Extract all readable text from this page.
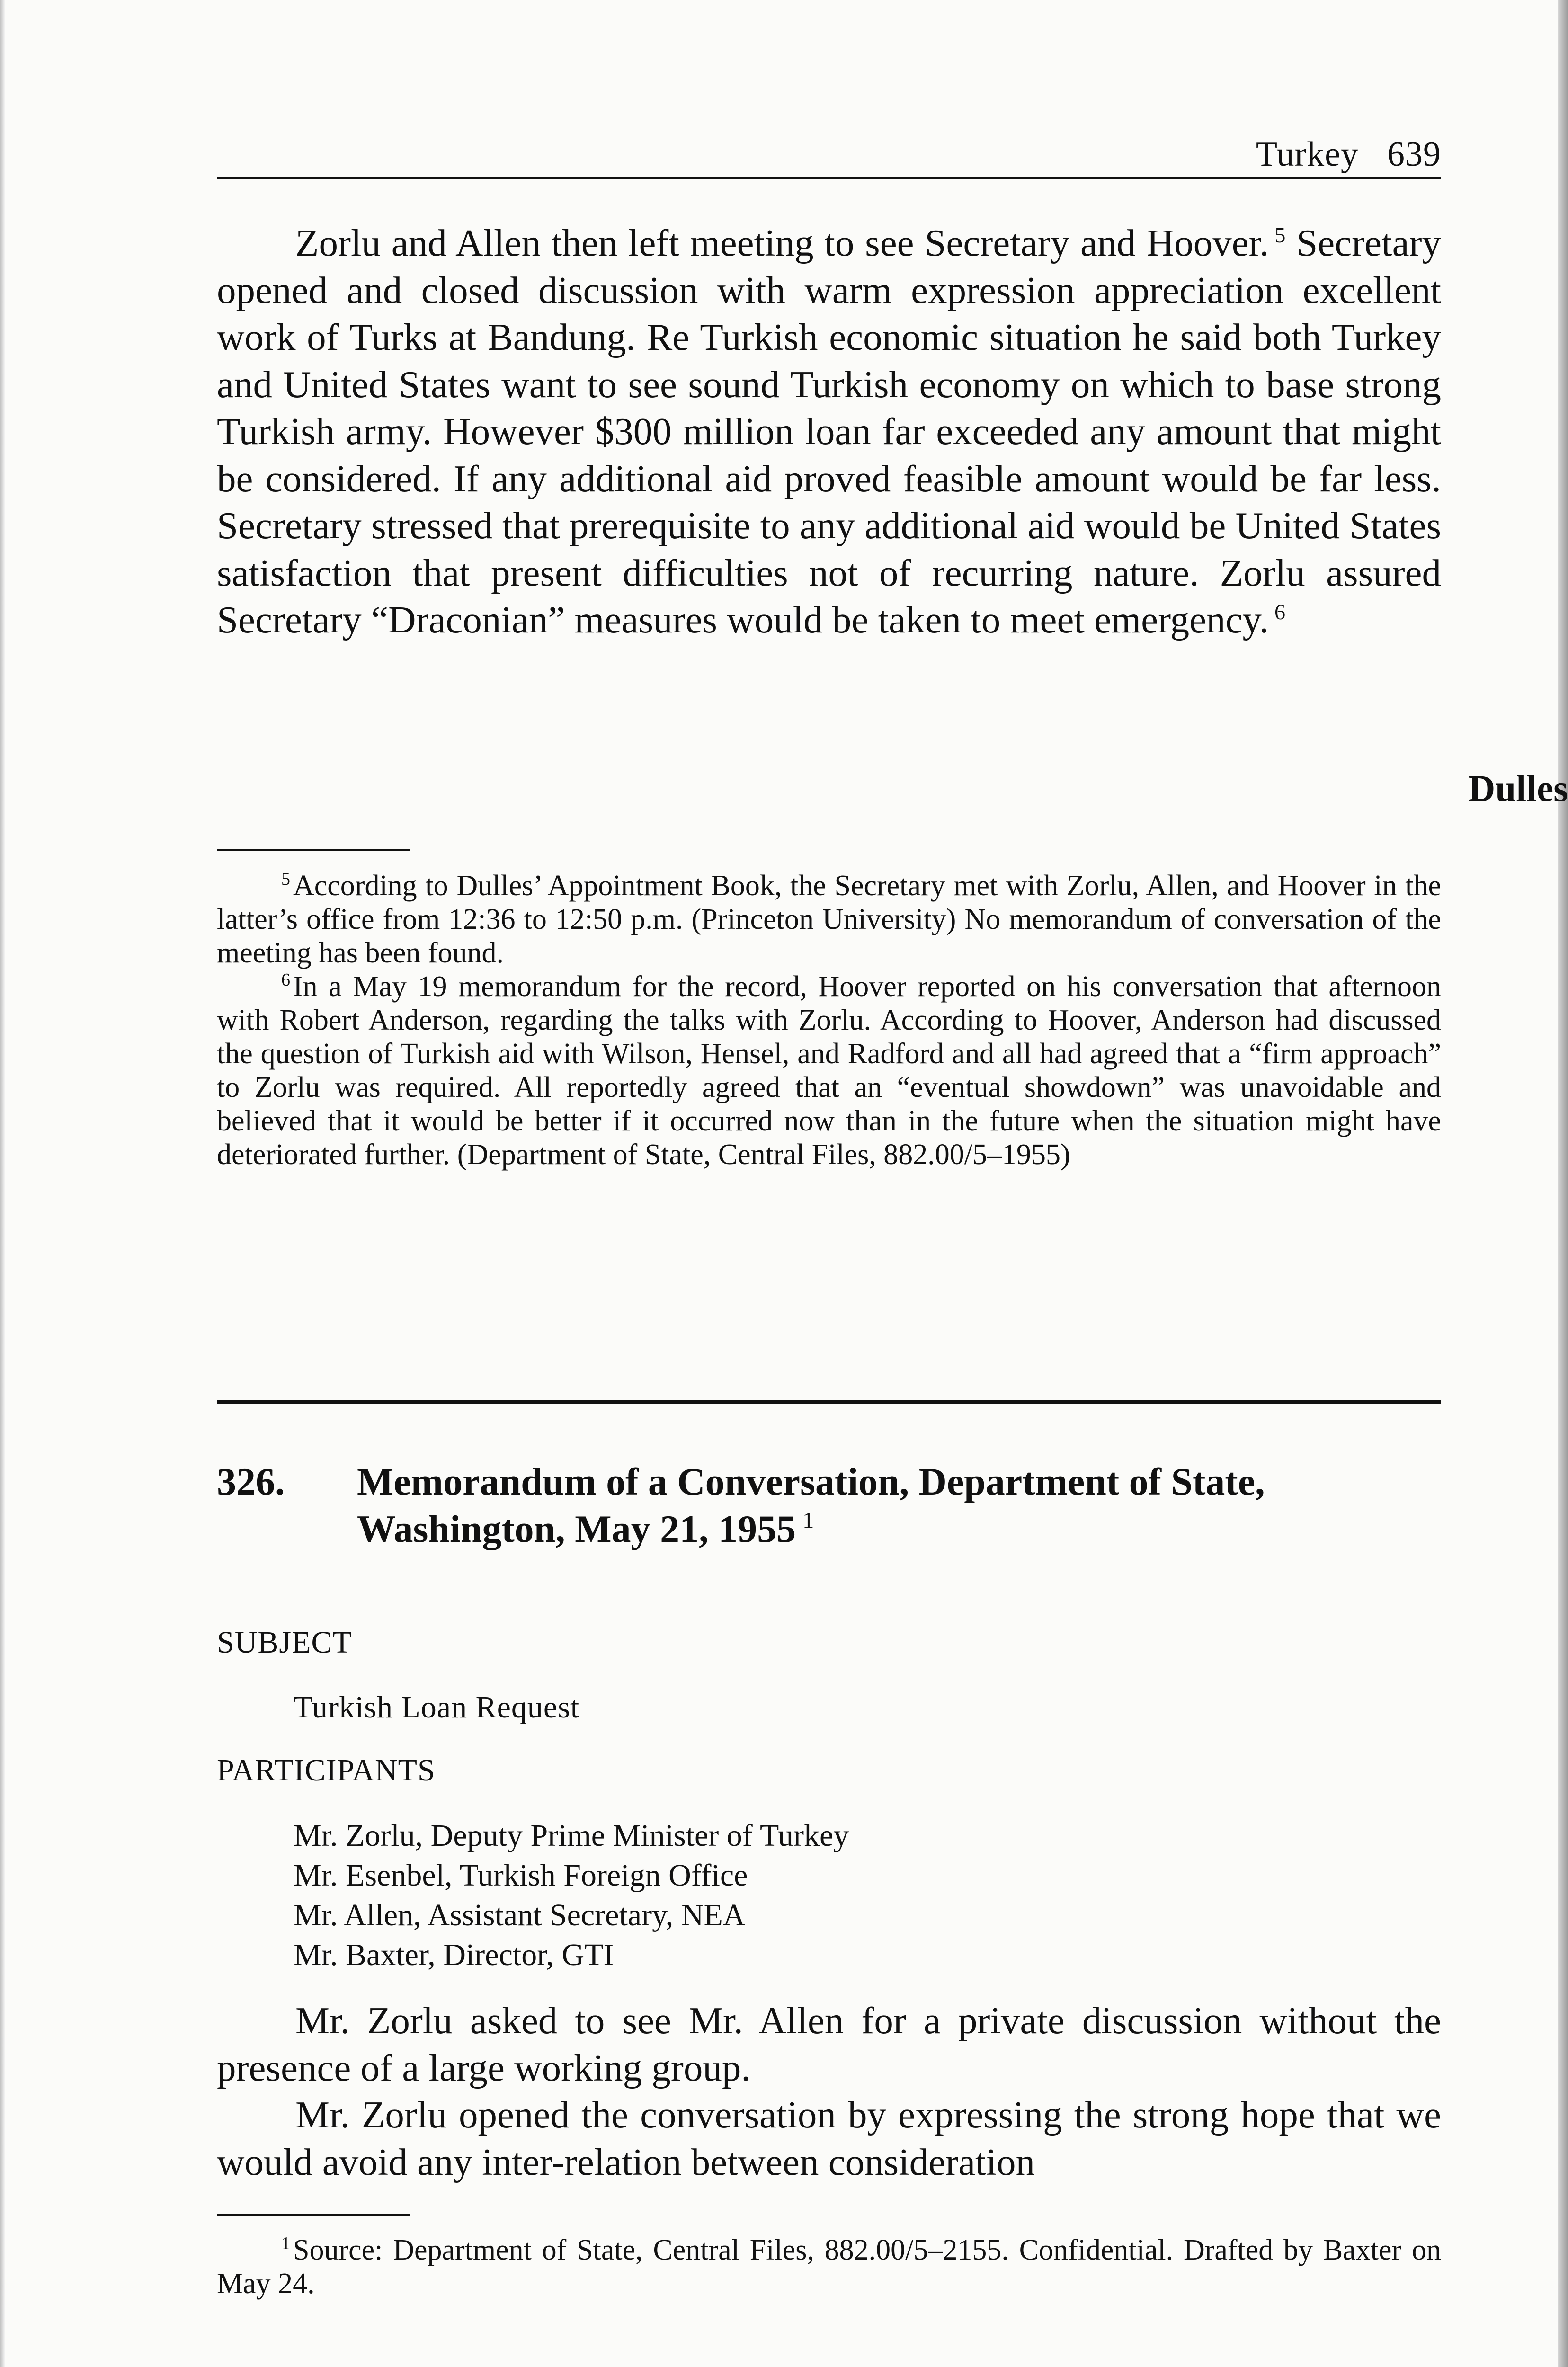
Turkey 639

Zorlu and Allen then left meeting to see Secretary and Hoover. $^5$ Secretary opened and closed discussion with warm expression appreciation excellent work of Turks at Bandung. Re Turkish economic situation he said both Turkey and United States want to see sound Turkish economy on which to base strong Turkish army. However $300 million loan far exceeded any amount that might be considered. If any additional aid proved feasible amount would be far less. Secretary stressed that prerequisite to any additional aid would be United States satisfaction that present difficulties not of recurring nature. Zorlu assured Secretary “Draconian” measures would be taken to meet emergency. $^6$

Dulles

$^5$According to Dulles’ Appointment Book, the Secretary met with Zorlu, Allen, and Hoover in the latter’s office from 12:36 to 12:50 p.m. (Princeton University) No memorandum of conversation of the meeting has been found.

$^6$In a May 19 memorandum for the record, Hoover reported on his conversation that afternoon with Robert Anderson, regarding the talks with Zorlu. According to Hoover, Anderson had discussed the question of Turkish aid with Wilson, Hensel, and Radford and all had agreed that a “firm approach” to Zorlu was required. All reportedly agreed that an “eventual showdown” was unavoidable and believed that it would be better if it occurred now than in the future when the situation might have deteriorated further. (Department of State, Central Files, 882.00/5–1955)

326. Memorandum of a Conversation, Department of State, Washington, May 21, 1955 $^1$
SUBJECT
Turkish Loan Request
PARTICIPANTS
Mr. Zorlu, Deputy Prime Minister of Turkey
Mr. Esenbel, Turkish Foreign Office
Mr. Allen, Assistant Secretary, NEA
Mr. Baxter, Director, GTI

Mr. Zorlu asked to see Mr. Allen for a private discussion without the presence of a large working group.

Mr. Zorlu opened the conversation by expressing the strong hope that we would avoid any inter-relation between consideration

$^1$Source: Department of State, Central Files, 882.00/5–2155. Confidential. Drafted by Baxter on May 24.
